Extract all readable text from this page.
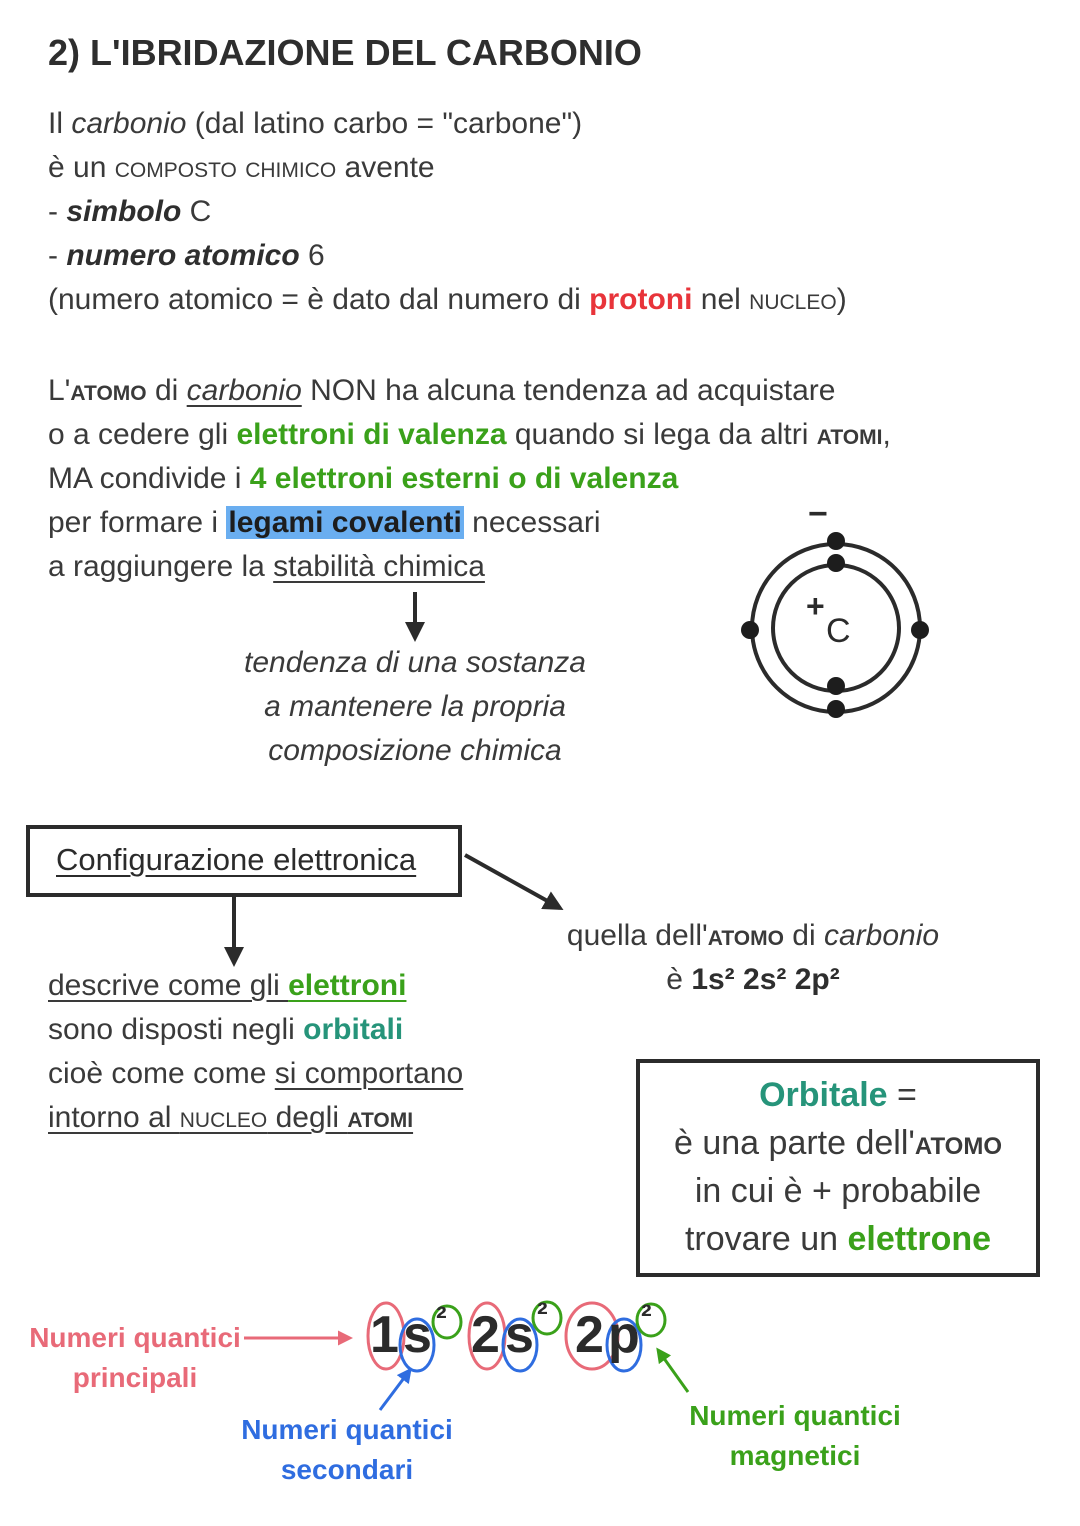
2) L'IBRIDAZIONE DEL CARBONIO
Il carbonio (dal latino carbo = "carbone")
è un composto chimico avente
- simbolo C
- numero atomico 6
(numero atomico = è dato dal numero di protoni nel nucleo)
L'atomo di carbonio NON ha alcuna tendenza ad acquistare
o a cedere gli elettroni di valenza quando si lega da altri atomi,
MA condivide i 4 elettroni esterni o di valenza
per formare i legami covalenti necessari
a raggiungere la stabilità chimica
tendenza di una sostanza
a mantenere la propria
composizione chimica
−
+
C
Configurazione elettronica
descrive come gli elettroni
sono disposti negli orbitali
cioè come come si comportano
intorno al nucleo degli atomi
quella dell'atomo di carbonio
è 1s² 2s² 2p²
Orbitale =
è una parte dell'atomo
in cui è + probabile
trovare un elettrone
1 s ² 2 s ² 2 p ²
Numeri quantici
principali
Numeri quantici
secondari
Numeri quantici
magnetici
